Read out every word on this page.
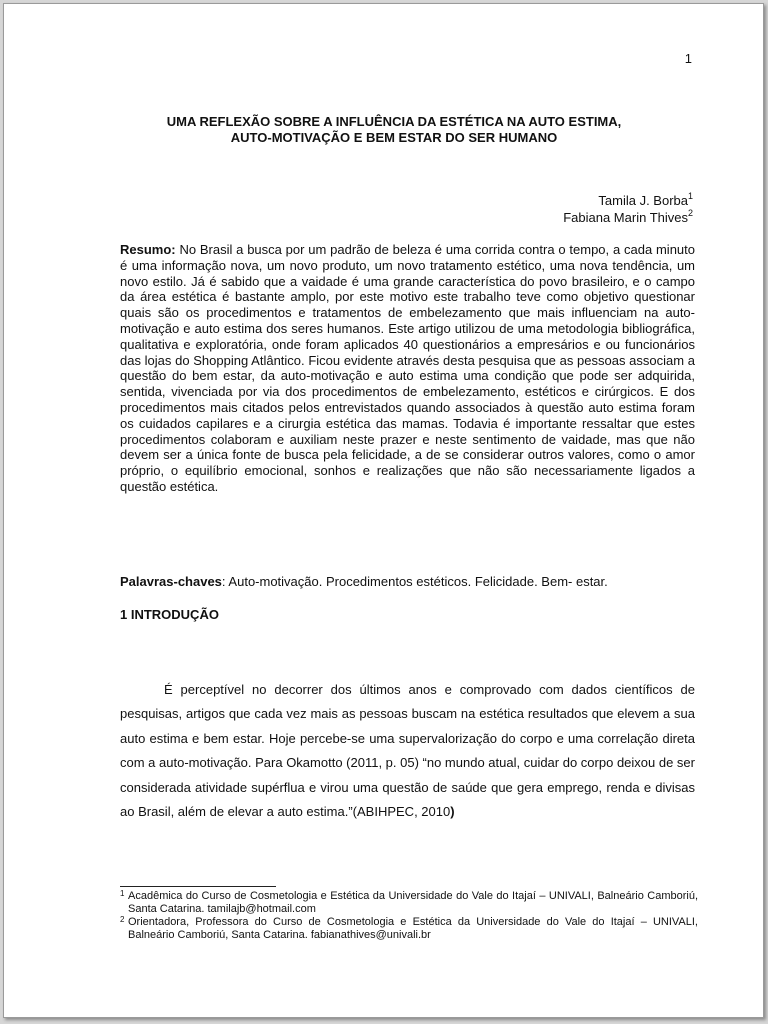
1
UMA REFLEXÃO SOBRE A INFLUÊNCIA DA ESTÉTICA NA AUTO ESTIMA,
AUTO-MOTIVAÇÃO E BEM ESTAR DO SER HUMANO
Tamila J. Borba$^1$
Fabiana Marin Thives$^2$
Resumo: No Brasil a busca por um padrão de beleza é uma corrida contra o tempo, a cada minuto é uma informação nova, um novo produto, um novo tratamento estético, uma nova tendência, um novo estilo. Já é sabido que a vaidade é uma grande característica do povo brasileiro, e o campo da área estética é bastante amplo, por este motivo este trabalho teve como objetivo questionar quais são os procedimentos e tratamentos de embelezamento que mais influenciam na auto-motivação e auto estima dos seres humanos. Este artigo utilizou de uma metodologia bibliográfica, qualitativa e exploratória, onde foram aplicados 40 questionários a empresários e ou funcionários das lojas do Shopping Atlântico. Ficou evidente através desta pesquisa que as pessoas associam a questão do bem estar, da auto-motivação e auto estima uma condição que pode ser adquirida, sentida, vivenciada por via dos procedimentos de embelezamento, estéticos e cirúrgicos. E dos procedimentos mais citados pelos entrevistados quando associados à questão auto estima foram os cuidados capilares e a cirurgia estética das mamas. Todavia é importante ressaltar que estes procedimentos colaboram e auxiliam neste prazer e neste sentimento de vaidade, mas que não devem ser a única fonte de busca pela felicidade, a de se considerar outros valores, como o amor próprio, o equilíbrio emocional, sonhos e realizações que não são necessariamente ligados a questão estética.
Palavras-chaves: Auto-motivação. Procedimentos estéticos. Felicidade. Bem- estar.
1 INTRODUÇÃO
É perceptível no decorrer dos últimos anos e comprovado com dados científicos de pesquisas, artigos que cada vez mais as pessoas buscam na estética resultados que elevem a sua auto estima e bem estar. Hoje percebe-se uma supervalorização do corpo e uma correlação direta com a auto-motivação. Para Okamotto (2011, p. 05) “no mundo atual, cuidar do corpo deixou de ser considerada atividade supérflua e virou uma questão de saúde que gera emprego, renda e divisas ao Brasil, além de elevar a auto estima.”(ABIHPEC, 2010)
1 Acadêmica do Curso de Cosmetologia e Estética da Universidade do Vale do Itajaí – UNIVALI, Balneário Camboriú, Santa Catarina. tamilajb@hotmail.com
2 Orientadora, Professora do Curso de Cosmetologia e Estética da Universidade do Vale do Itajaí – UNIVALI, Balneário Camboriú, Santa Catarina. fabianathives@univali.br
